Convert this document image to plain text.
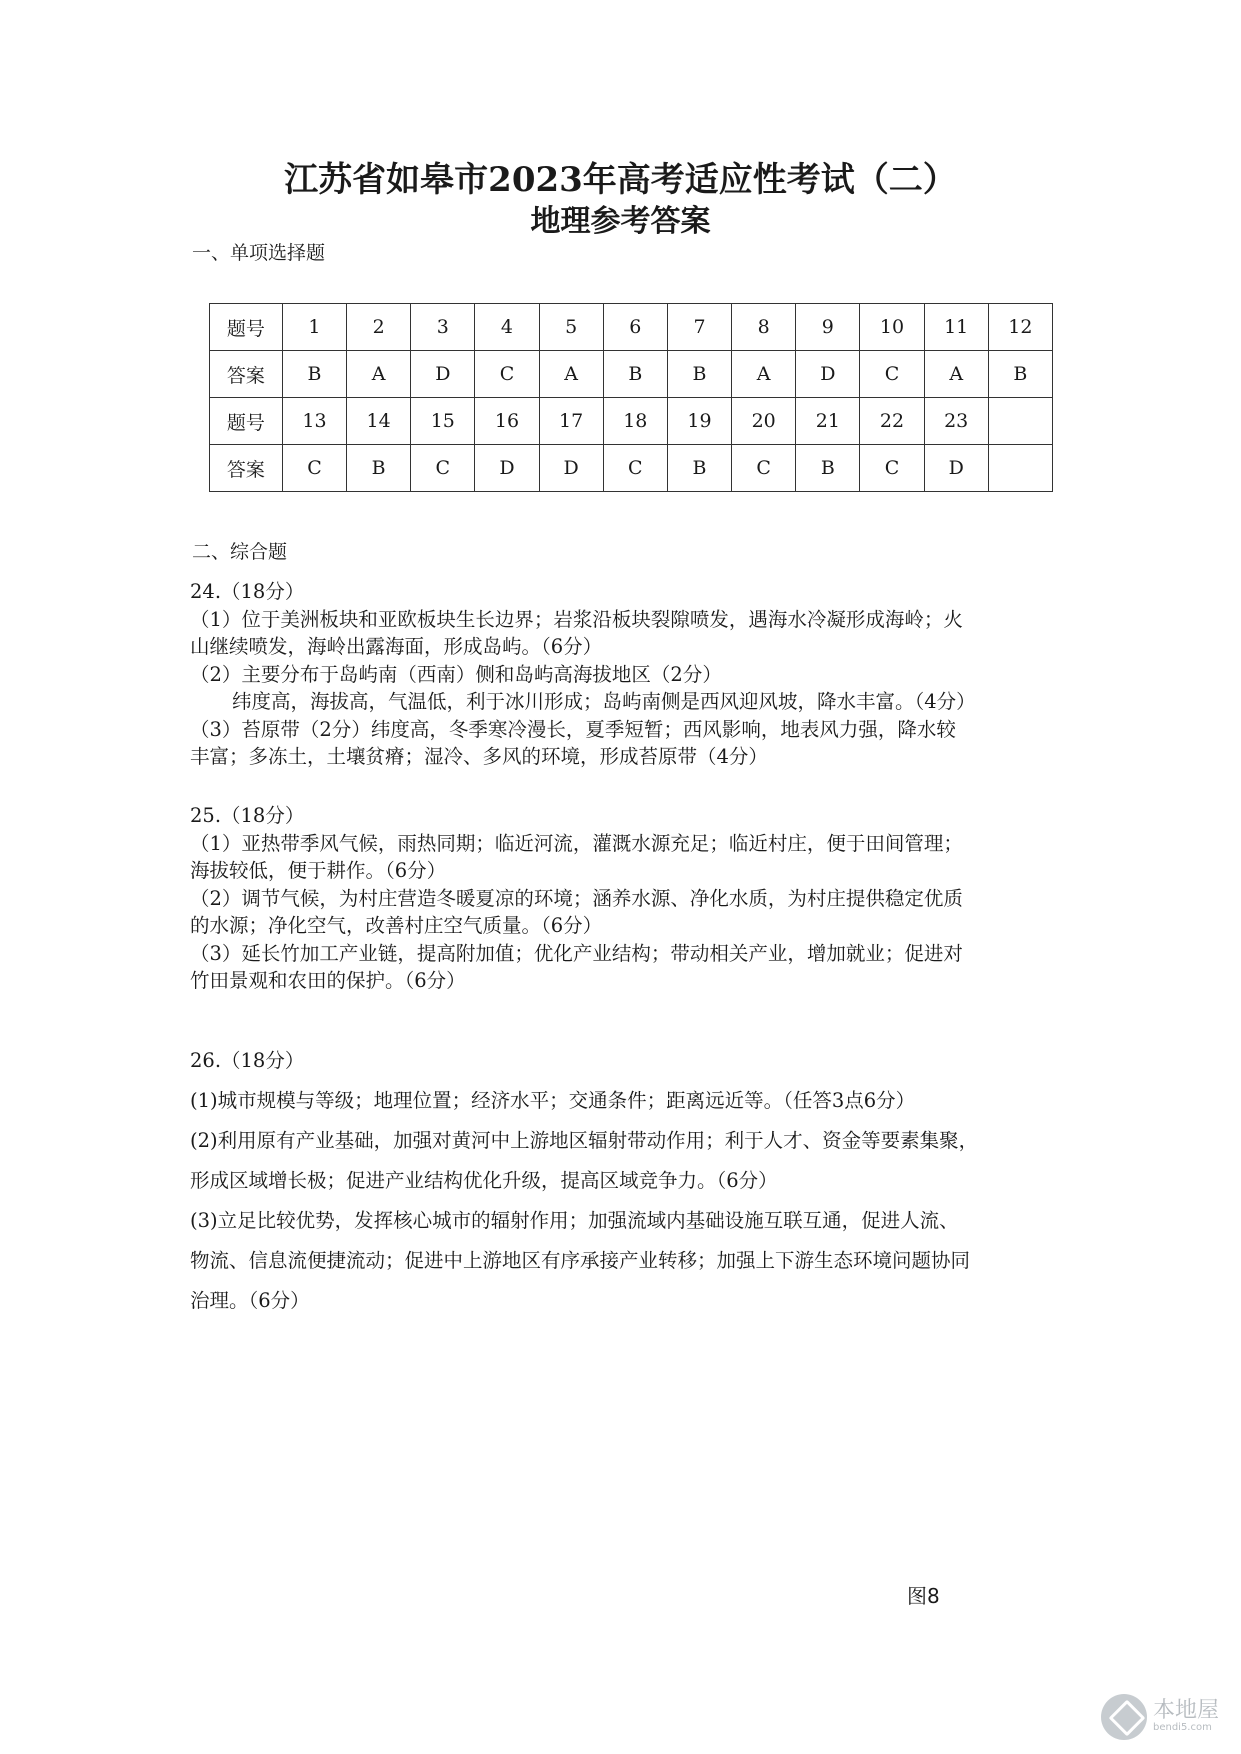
江苏省如皋市2023年高考适应性考试（二）
地理参考答案
一、单项选择题
题号	1	2	3	4	5	6	7	8	9	10	11	12
答案	B	A	D	C	A	B	B	A	D	C	A	B
题号	13	14	15	16	17	18	19	20	21	22	23	
答案	C	B	C	D	D	C	B	C	B	C	D	
二、综合题

24.（18分）

（1）位于美洲板块和亚欧板块生长边界；岩浆沿板块裂隙喷发，遇海水冷凝形成海岭；火

山继续喷发，海岭出露海面，形成岛屿。（6分）

（2）主要分布于岛屿南（西南）侧和岛屿高海拔地区（2分）

纬度高，海拔高，气温低，利于冰川形成；岛屿南侧是西风迎风坡，降水丰富。（4分）

（3）苔原带（2分）纬度高，冬季寒冷漫长，夏季短暂；西风影响，地表风力强，降水较

丰富；多冻土，土壤贫瘠；湿冷、多风的环境，形成苔原带（4分）

25.（18分）

（1）亚热带季风气候，雨热同期；临近河流，灌溉水源充足；临近村庄，便于田间管理；

海拔较低，便于耕作。（6分）

（2）调节气候，为村庄营造冬暖夏凉的环境；涵养水源、净化水质，为村庄提供稳定优质

的水源；净化空气，改善村庄空气质量。（6分）

（3）延长竹加工产业链，提高附加值；优化产业结构；带动相关产业，增加就业；促进对

竹田景观和农田的保护。（6分）

26.（18分）

(1)城市规模与等级；地理位置；经济水平；交通条件；距离远近等。（任答3点6分）

(2)利用原有产业基础，加强对黄河中上游地区辐射带动作用；利于人才、资金等要素集聚，

形成区域增长极；促进产业结构优化升级，提高区域竞争力。（6分）

(3)立足比较优势，发挥核心城市的辐射作用；加强流域内基础设施互联互通，促进人流、

物流、信息流便捷流动；促进中上游地区有序承接产业转移；加强上下游生态环境问题协同

治理。（6分）

图8
本地屋
bendi5.com
